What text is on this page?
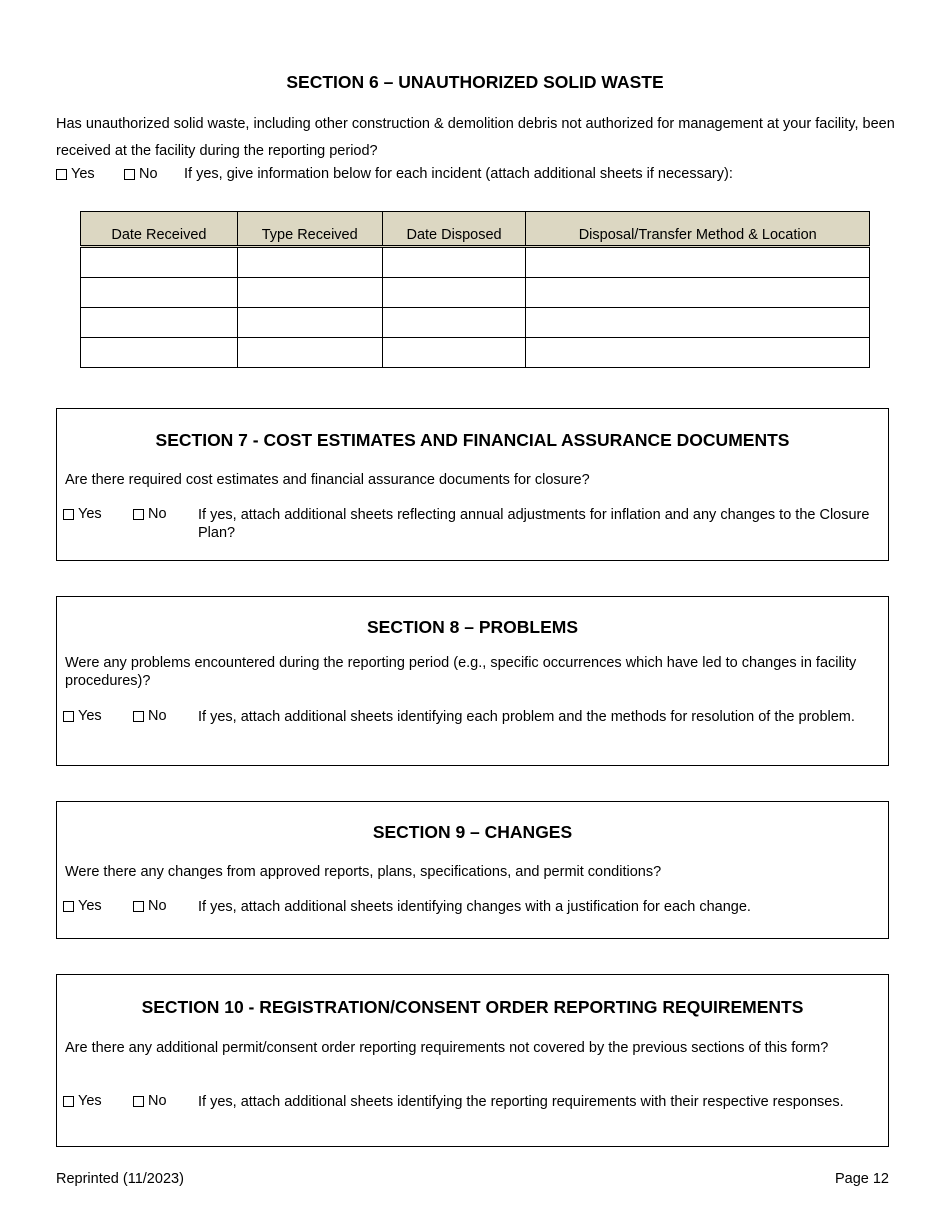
SECTION 6 – UNAUTHORIZED SOLID WASTE
Has unauthorized solid waste, including other construction & demolition debris not authorized for management at your facility, been received at the facility during the reporting period?
Yes	No If yes, give information below for each incident (attach additional sheets if necessary):
Date Received	Type Received	Date Disposed	Disposal/Transfer Method & Location

SECTION 7 - COST ESTIMATES AND FINANCIAL ASSURANCE DOCUMENTS
Are there required cost estimates and financial assurance documents for closure?
Yes	No If yes, attach additional sheets reflecting annual adjustments for inflation and any changes to the Closure Plan?
SECTION 8 – PROBLEMS
Were any problems encountered during the reporting period (e.g., specific occurrences which have led to changes in facility procedures)?
Yes	No If yes, attach additional sheets identifying each problem and the methods for resolution of the problem.
SECTION 9 – CHANGES
Were there any changes from approved reports, plans, specifications, and permit conditions?
Yes	No If yes, attach additional sheets identifying changes with a justification for each change.
SECTION 10 - REGISTRATION/CONSENT ORDER REPORTING REQUIREMENTS
Are there any additional permit/consent order reporting requirements not covered by the previous sections of this form?
Yes	No If yes, attach additional sheets identifying the reporting requirements with their respective responses.
Reprinted (11/2023)	Page 12
